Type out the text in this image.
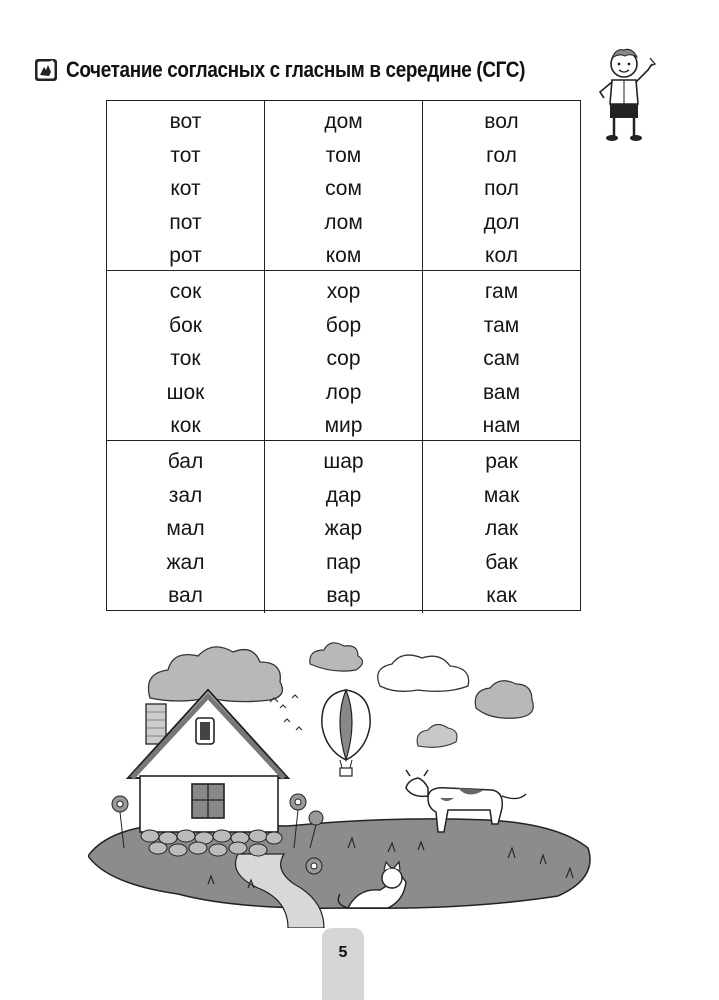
Сочетание согласных с гласным в середине (СГС)
вот
тот
кот
пот
рот
дом
том
сом
лом
ком
вол
гол
пол
дол
кол
сок
бок
ток
шок
кок
хор
бор
сор
лор
мир
гам
там
сам
вам
нам
бал
зал
мал
жал
вал
шар
дар
жар
пар
вар
рак
мак
лак
бак
как
5
